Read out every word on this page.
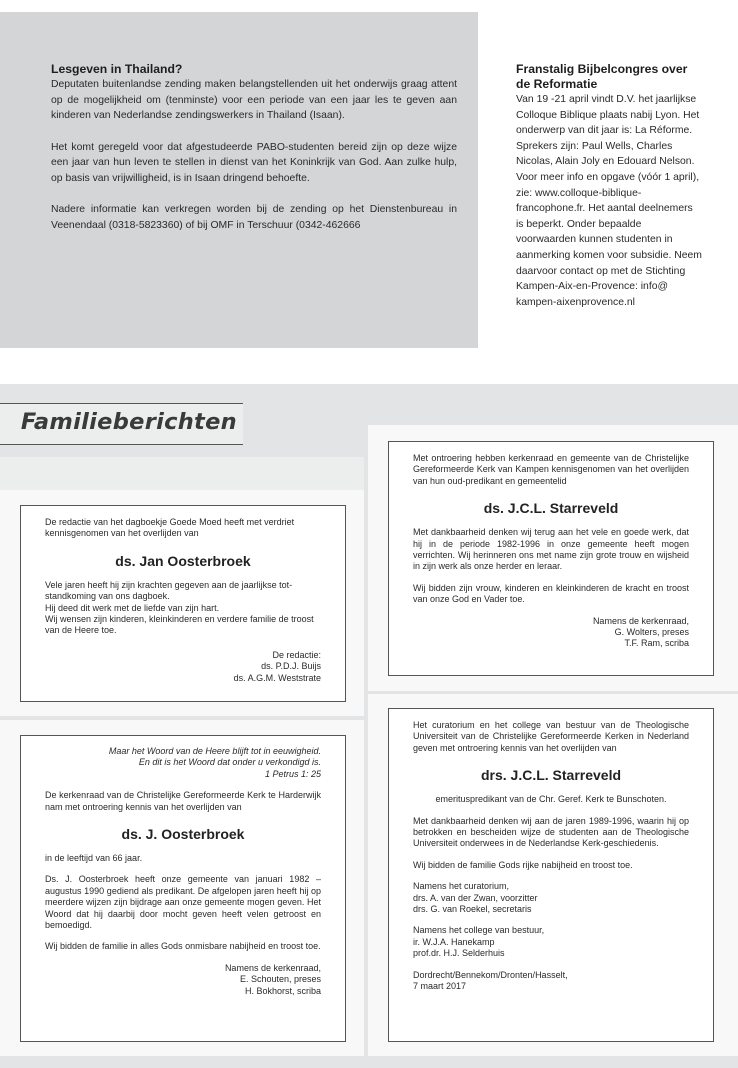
Lesgeven in Thailand?

Deputaten buitenlandse zending maken belangstellenden uit het onderwijs graag attent op de mogelijkheid om (tenminste) voor een periode van een jaar les te geven aan kinderen van Nederlandse zendingswerkers in Thailand (Isaan).

Het komt geregeld voor dat afgestudeerde PABO-studenten bereid zijn op deze wijze een jaar van hun leven te stellen in dienst van het Koninkrijk van God. Aan zulke hulp, op basis van vrijwilligheid, is in Isaan dringend behoefte.

Nadere informatie kan verkregen worden bij de zending op het Dienstenbureau in Veenendaal (0318-5823360) of bij OMF in Terschuur (0342-462666

Franstalig Bijbelcongres over de Reformatie

Van 19 -21 april vindt D.V. het jaarlijkse Colloque Biblique plaats nabij Lyon. Het onderwerp van dit jaar is: La Réforme. Sprekers zijn: Paul Wells, Charles Nicolas, Alain Joly en Edouard Nelson. Voor meer info en opgave (vóór 1 april), zie: www.colloque-biblique-francophone.fr. Het aantal deelnemers is beperkt. Onder bepaalde voorwaarden kunnen studenten in aanmerking komen voor subsidie. Neem daarvoor contact op met de Stichting Kampen-Aix-en-Provence: info@ kampen-aixenprovence.nl

Familieberichten

De redactie van het dagboekje Goede Moed heeft met verdriet kennisgenomen van het overlijden van

ds. Jan Oosterbroek

Vele jaren heeft hij zijn krachten gegeven aan de jaarlijkse tot-standkoming van ons dagboek.

Hij deed dit werk met de liefde van zijn hart.

Wij wensen zijn kinderen, kleinkinderen en verdere familie de troost van de Heere toe.

De redactie:

ds. P.D.J. Buijs

ds. A.G.M. Weststrate

Maar het Woord van de Heere blijft tot in eeuwigheid.

En dit is het Woord dat onder u verkondigd is.

1 Petrus 1: 25

De kerkenraad van de Christelijke Gereformeerde Kerk te Harderwijk nam met ontroering kennis van het overlijden van

ds. J. Oosterbroek

in de leeftijd van 66 jaar.

Ds. J. Oosterbroek heeft onze gemeente van januari 1982 – augustus 1990 gediend als predikant. De afgelopen jaren heeft hij op meerdere wijzen zijn bijdrage aan onze gemeente mogen geven. Het Woord dat hij daarbij door mocht geven heeft velen getroost en bemoedigd.

Wij bidden de familie in alles Gods onmisbare nabijheid en troost toe.

Namens de kerkenraad,

E. Schouten, preses

H. Bokhorst, scriba

Met ontroering hebben kerkenraad en gemeente van de Christelijke Gereformeerde Kerk van Kampen kennisgenomen van het overlijden van hun oud-predikant en gemeentelid

ds. J.C.L. Starreveld

Met dankbaarheid denken wij terug aan het vele en goede werk, dat hij in de periode 1982-1996 in onze gemeente heeft mogen verrichten. Wij herinneren ons met name zijn grote trouw en wijsheid in zijn werk als onze herder en leraar.

Wij bidden zijn vrouw, kinderen en kleinkinderen de kracht en troost van onze God en Vader toe.

Namens de kerkenraad,

G. Wolters, preses

T.F. Ram, scriba

Het curatorium en het college van bestuur van de Theologische Universiteit van de Christelijke Gereformeerde Kerken in Nederland geven met ontroering kennis van het overlijden van

drs. J.C.L. Starreveld

emerituspredikant van de Chr. Geref. Kerk te Bunschoten.

Met dankbaarheid denken wij aan de jaren 1989-1996, waarin hij op betrokken en bescheiden wijze de studenten aan de Theologische Universiteit onderwees in de Nederlandse Kerk-geschiedenis.

Wij bidden de familie Gods rijke nabijheid en troost toe.

Namens het curatorium,

drs. A. van der Zwan, voorzitter

drs. G. van Roekel, secretaris

Namens het college van bestuur,

ir. W.J.A. Hanekamp

prof.dr. H.J. Selderhuis

Dordrecht/Bennekom/Dronten/Hasselt,

7 maart 2017
